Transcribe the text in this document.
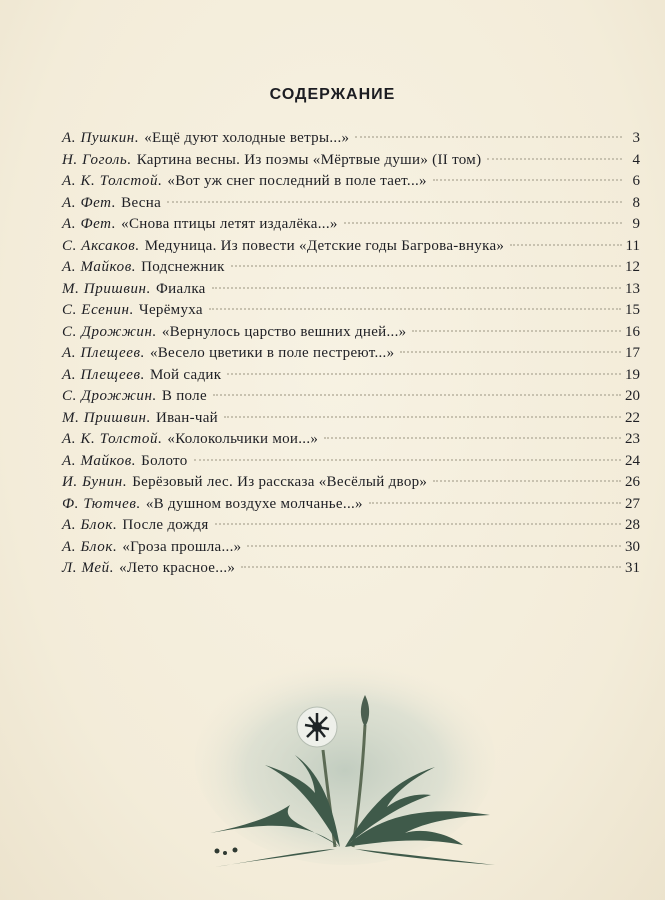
СОДЕРЖАНИЕ
А. Пушкин. «Ещё дуют холодные ветры...»	3
Н. Гоголь. Картина весны. Из поэмы «Мёртвые души» (II том)	4
А. К. Толстой. «Вот уж снег последний в поле тает...»	6
А. Фет. Весна	8
А. Фет. «Снова птицы летят издалёка...»	9
С. Аксаков. Медуница. Из повести «Детские годы Багрова-внука»	11
А. Майков. Подснежник	12
М. Пришвин. Фиалка	13
С. Есенин. Черёмуха	15
С. Дрожжин. «Вернулось царство вешних дней...»	16
А. Плещеев. «Весело цветики в поле пестреют...»	17
А. Плещеев. Мой садик	19
С. Дрожжин. В поле	20
М. Пришвин. Иван-чай	22
А. К. Толстой. «Колокольчики мои...»	23
А. Майков. Болото	24
И. Бунин. Берёзовый лес. Из рассказа «Весёлый двор»	26
Ф. Тютчев. «В душном воздухе молчанье...»	27
А. Блок. После дождя	28
А. Блок. «Гроза прошла...»	30
Л. Мей. «Лето красное...»	31
